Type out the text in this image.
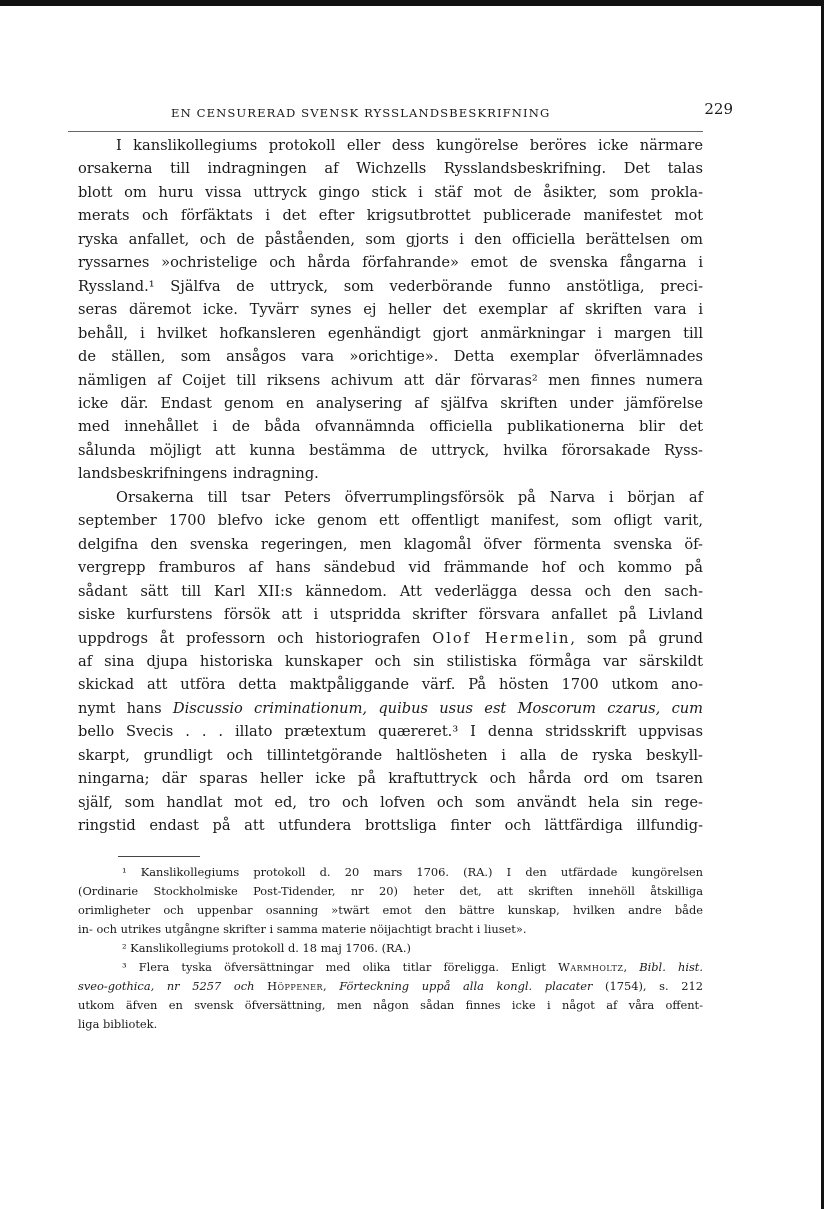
EN CENSURERAD SVENSK RYSSLANDSBESKRIFNING	229
I kanslikollegiums protokoll eller dess kungörelse beröres icke närmare
orsakerna till indragningen af Wichzells Rysslandsbeskrifning. Det talas
blott om huru vissa uttryck gingo stick i stäf mot de åsikter, som prokla-
merats och förfäktats i det efter krigsutbrottet publicerade manifestet mot
ryska anfallet, och de påståenden, som gjorts i den officiella berättelsen om
ryssarnes »ochristelige och hårda förfahrande» emot de svenska fångarna i
Ryssland.¹ Själfva de uttryck, som vederbörande funno anstötliga, preci-
seras däremot icke. Tyvärr synes ej heller det exemplar af skriften vara i
behåll, i hvilket hofkansleren egenhändigt gjort anmärkningar i margen till
de ställen, som ansågos vara »orichtige». Detta exemplar öfverlämnades
nämligen af Coijet till riksens achivum att där förvaras² men finnes numera
icke där. Endast genom en analysering af själfva skriften under jämförelse
med innehållet i de båda ofvannämnda officiella publikationerna blir det
sålunda möjligt att kunna bestämma de uttryck, hvilka förorsakade Ryss-
landsbeskrifningens indragning.
Orsakerna till tsar Peters öfverrumplingsförsök på Narva i början af
september 1700 blefvo icke genom ett offentligt manifest, som ofligt varit,
delgifna den svenska regeringen, men klagomål öfver förmenta svenska öf-
vergrepp framburos af hans sändebud vid främmande hof och kommo på
sådant sätt till Karl XII:s kännedom. Att vederlägga dessa och den sach-
siske kurfurstens försök att i utspridda skrifter försvara anfallet på Livland
uppdrogs åt professorn och historiografen Olof Hermelin, som på grund
af sina djupa historiska kunskaper och sin stilistiska förmåga var särskildt
skickad att utföra detta maktpåliggande värf. På hösten 1700 utkom ano-
nymt hans Discussio criminationum, quibus usus est Moscorum czarus, cum
bello Svecis . . . illato prætextum quæreret.³ I denna stridsskrift uppvisas
skarpt, grundligt och tillintetgörande haltlösheten i alla de ryska beskyll-
ningarna; där sparas heller icke på kraftuttryck och hårda ord om tsaren
själf, som handlat mot ed, tro och lofven och som användt hela sin rege-
ringstid endast på att utfundera brottsliga finter och lättfärdiga illfundig-
¹ Kanslikollegiums protokoll d. 20 mars 1706. (RA.) I den utfärdade kungörelsen
(Ordinarie Stockholmiske Post-Tidender, nr 20) heter det, att skriften innehöll åtskilliga
orimligheter och uppenbar osanning »twärt emot den bättre kunskap, hvilken andre både
in- och utrikes utgångne skrifter i samma materie nöijachtigt bracht i liuset».
² Kanslikollegiums protokoll d. 18 maj 1706. (RA.)
³ Flera tyska öfversättningar med olika titlar föreligga. Enligt Warmholtz, Bibl. hist.
sveo-gothica, nr 5257 och Höppener, Förteckning uppå alla kongl. placater (1754), s. 212
utkom äfven en svensk öfversättning, men någon sådan finnes icke i något af våra offent-
liga bibliotek.
